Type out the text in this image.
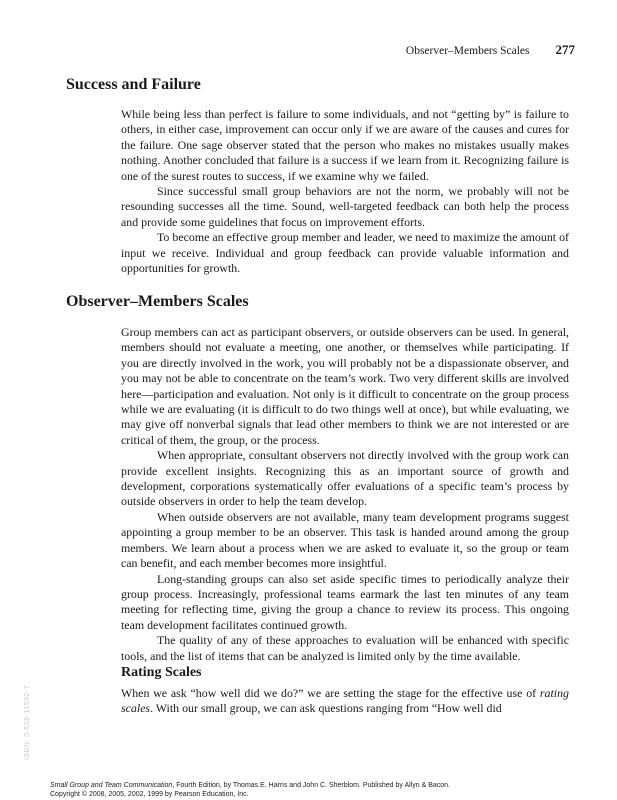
Observer–Members Scales 277
Success and Failure

While being less than perfect is failure to some individuals, and not “getting by” is failure to others, in either case, improvement can occur only if we are aware of the causes and cures for the failure. One sage observer stated that the person who makes no mistakes usually makes nothing. Another concluded that failure is a success if we learn from it. Recognizing failure is one of the surest routes to success, if we examine why we failed.

Since successful small group behaviors are not the norm, we probably will not be resounding successes all the time. Sound, well-targeted feedback can both help the process and provide some guidelines that focus on improvement efforts.

To become an effective group member and leader, we need to maximize the amount of input we receive. Individual and group feedback can provide valuable information and opportunities for growth.

Observer–Members Scales

Group members can act as participant observers, or outside observers can be used. In general, members should not evaluate a meeting, one another, or themselves while participating. If you are directly involved in the work, you will probably not be a dispassionate observer, and you may not be able to concentrate on the team’s work. Two very different skills are involved here—participation and evaluation. Not only is it difficult to concentrate on the group process while we are evaluating (it is difficult to do two things well at once), but while evaluating, we may give off nonverbal signals that lead other members to think we are not interested or are critical of them, the group, or the process.

When appropriate, consultant observers not directly involved with the group work can provide excellent insights. Recognizing this as an important source of growth and development, corporations systematically offer evaluations of a specific team’s process by outside observers in order to help the team develop.

When outside observers are not available, many team development programs suggest appointing a group member to be an observer. This task is handed around among the group members. We learn about a process when we are asked to evaluate it, so the group or team can benefit, and each member becomes more insightful.

Long-standing groups can also set aside specific times to periodically analyze their group process. Increasingly, professional teams earmark the last ten minutes of any team meeting for reflecting time, giving the group a chance to review its process. This ongoing team development facilitates continued growth.

The quality of any of these approaches to evaluation will be enhanced with specific tools, and the list of items that can be analyzed is limited only by the time available.

Rating Scales

When we ask “how well did we do?” we are setting the stage for the effective use of rating scales. With our small group, we can ask questions ranging from “How well did

ISBN: 0-558-11592-7
Small Group and Team Communication, Fourth Edition, by Thomas E. Harris and John C. Sherblom. Published by Allyn & Bacon.
Copyright © 2008, 2005, 2002, 1999 by Pearson Education, Inc.
